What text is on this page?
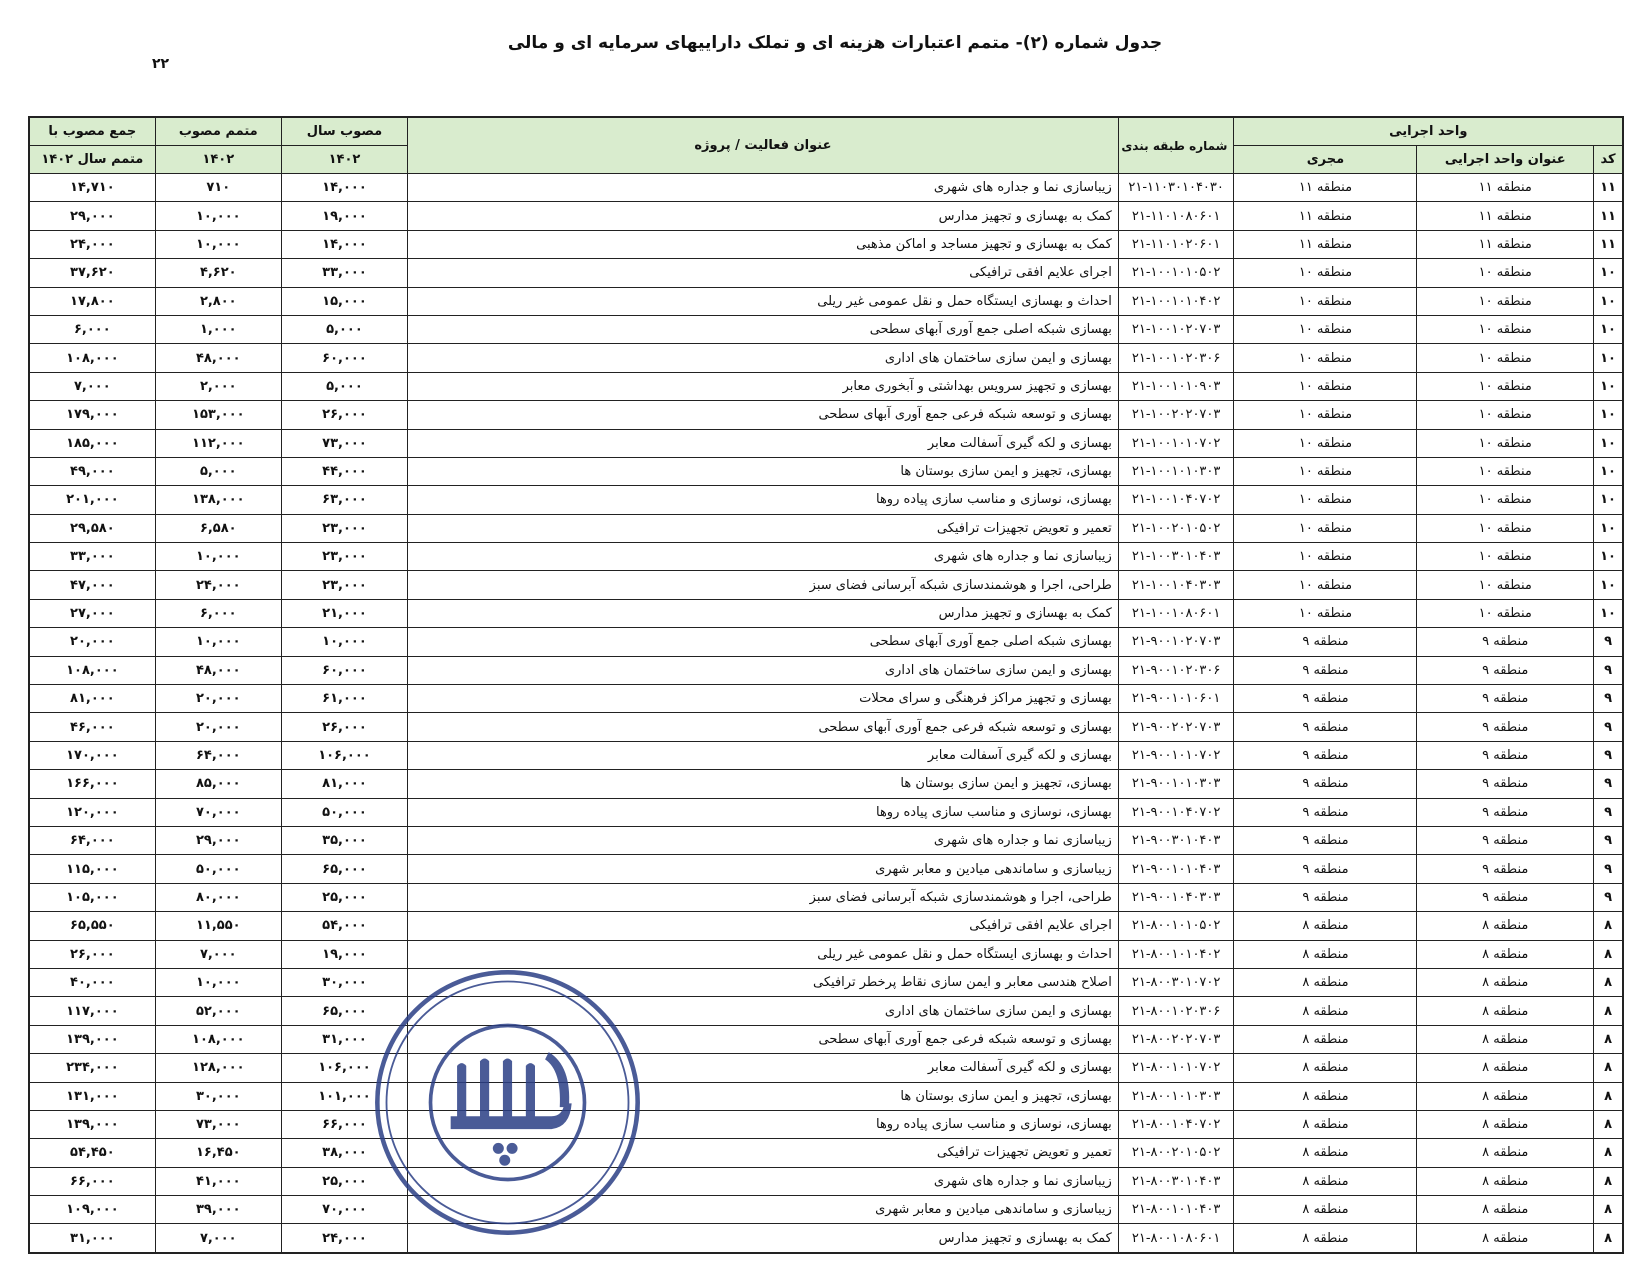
جدول شماره (۲)- متمم اعتبارات هزینه ای و تملک داراییهای سرمایه ای و مالی
۲۲
واحد اجرایی			شماره طبقه بندی	عنوان فعالیت / پروژه	مصوب سال	متمم مصوب	جمع مصوب با
کد	عنوان واحد اجرایی	مجری			۱۴۰۲	۱۴۰۲	متمم سال ۱۴۰۲
۱۱	منطقه ۱۱	منطقه ۱۱	۲۱-۱۱۰۳۰۱۰۴۰۳۰	زیباسازی نما و جداره های شهری	۱۴,۰۰۰	۷۱۰	۱۴,۷۱۰
۱۱	منطقه ۱۱	منطقه ۱۱	۲۱-۱۱۰۱۰۸۰۶۰۱	کمک به بهسازی و تجهیز مدارس	۱۹,۰۰۰	۱۰,۰۰۰	۲۹,۰۰۰
۱۱	منطقه ۱۱	منطقه ۱۱	۲۱-۱۱۰۱۰۲۰۶۰۱	کمک به بهسازی و تجهیز مساجد و اماکن مذهبی	۱۴,۰۰۰	۱۰,۰۰۰	۲۴,۰۰۰
۱۰	منطقه ۱۰	منطقه ۱۰	۲۱-۱۰۰۱۰۱۰۵۰۲	اجرای علایم افقی ترافیکی	۳۳,۰۰۰	۴,۶۲۰	۳۷,۶۲۰
۱۰	منطقه ۱۰	منطقه ۱۰	۲۱-۱۰۰۱۰۱۰۴۰۲	احداث و بهسازی ایستگاه حمل و نقل عمومی غیر ریلی	۱۵,۰۰۰	۲,۸۰۰	۱۷,۸۰۰
۱۰	منطقه ۱۰	منطقه ۱۰	۲۱-۱۰۰۱۰۲۰۷۰۳	بهسازی شبکه اصلی جمع آوری آبهای سطحی	۵,۰۰۰	۱,۰۰۰	۶,۰۰۰
۱۰	منطقه ۱۰	منطقه ۱۰	۲۱-۱۰۰۱۰۲۰۳۰۶	بهسازی و ایمن سازی ساختمان های اداری	۶۰,۰۰۰	۴۸,۰۰۰	۱۰۸,۰۰۰
۱۰	منطقه ۱۰	منطقه ۱۰	۲۱-۱۰۰۱۰۱۰۹۰۳	بهسازی و تجهیز سرویس بهداشتی و آبخوری معابر	۵,۰۰۰	۲,۰۰۰	۷,۰۰۰
۱۰	منطقه ۱۰	منطقه ۱۰	۲۱-۱۰۰۲۰۲۰۷۰۳	بهسازی و توسعه شبکه فرعی جمع آوری آبهای سطحی	۲۶,۰۰۰	۱۵۳,۰۰۰	۱۷۹,۰۰۰
۱۰	منطقه ۱۰	منطقه ۱۰	۲۱-۱۰۰۱۰۱۰۷۰۲	بهسازی و لکه گیری آسفالت معابر	۷۳,۰۰۰	۱۱۲,۰۰۰	۱۸۵,۰۰۰
۱۰	منطقه ۱۰	منطقه ۱۰	۲۱-۱۰۰۱۰۱۰۳۰۳	بهسازی، تجهیز و ایمن سازی بوستان ها	۴۴,۰۰۰	۵,۰۰۰	۴۹,۰۰۰
۱۰	منطقه ۱۰	منطقه ۱۰	۲۱-۱۰۰۱۰۴۰۷۰۲	بهسازی، نوسازی و مناسب سازی پیاده روها	۶۳,۰۰۰	۱۳۸,۰۰۰	۲۰۱,۰۰۰
۱۰	منطقه ۱۰	منطقه ۱۰	۲۱-۱۰۰۲۰۱۰۵۰۲	تعمیر و تعویض تجهیزات ترافیکی	۲۳,۰۰۰	۶,۵۸۰	۲۹,۵۸۰
۱۰	منطقه ۱۰	منطقه ۱۰	۲۱-۱۰۰۳۰۱۰۴۰۳	زیباسازی نما و جداره های شهری	۲۳,۰۰۰	۱۰,۰۰۰	۳۳,۰۰۰
۱۰	منطقه ۱۰	منطقه ۱۰	۲۱-۱۰۰۱۰۴۰۳۰۳	طراحی، اجرا و هوشمندسازی شبکه آبرسانی فضای سبز	۲۳,۰۰۰	۲۴,۰۰۰	۴۷,۰۰۰
۱۰	منطقه ۱۰	منطقه ۱۰	۲۱-۱۰۰۱۰۸۰۶۰۱	کمک به بهسازی و تجهیز مدارس	۲۱,۰۰۰	۶,۰۰۰	۲۷,۰۰۰
۹	منطقه ۹	منطقه ۹	۲۱-۹۰۰۱۰۲۰۷۰۳	بهسازی شبکه اصلی جمع آوری آبهای سطحی	۱۰,۰۰۰	۱۰,۰۰۰	۲۰,۰۰۰
۹	منطقه ۹	منطقه ۹	۲۱-۹۰۰۱۰۲۰۳۰۶	بهسازی و ایمن سازی ساختمان های اداری	۶۰,۰۰۰	۴۸,۰۰۰	۱۰۸,۰۰۰
۹	منطقه ۹	منطقه ۹	۲۱-۹۰۰۱۰۱۰۶۰۱	بهسازی و تجهیز مراکز فرهنگی و سرای محلات	۶۱,۰۰۰	۲۰,۰۰۰	۸۱,۰۰۰
۹	منطقه ۹	منطقه ۹	۲۱-۹۰۰۲۰۲۰۷۰۳	بهسازی و توسعه شبکه فرعی جمع آوری آبهای سطحی	۲۶,۰۰۰	۲۰,۰۰۰	۴۶,۰۰۰
۹	منطقه ۹	منطقه ۹	۲۱-۹۰۰۱۰۱۰۷۰۲	بهسازی و لکه گیری آسفالت معابر	۱۰۶,۰۰۰	۶۴,۰۰۰	۱۷۰,۰۰۰
۹	منطقه ۹	منطقه ۹	۲۱-۹۰۰۱۰۱۰۳۰۳	بهسازی، تجهیز و ایمن سازی بوستان ها	۸۱,۰۰۰	۸۵,۰۰۰	۱۶۶,۰۰۰
۹	منطقه ۹	منطقه ۹	۲۱-۹۰۰۱۰۴۰۷۰۲	بهسازی، نوسازی و مناسب سازی پیاده روها	۵۰,۰۰۰	۷۰,۰۰۰	۱۲۰,۰۰۰
۹	منطقه ۹	منطقه ۹	۲۱-۹۰۰۳۰۱۰۴۰۳	زیباسازی نما و جداره های شهری	۳۵,۰۰۰	۲۹,۰۰۰	۶۴,۰۰۰
۹	منطقه ۹	منطقه ۹	۲۱-۹۰۰۱۰۱۰۴۰۳	زیباسازی و ساماندهی میادین و معابر شهری	۶۵,۰۰۰	۵۰,۰۰۰	۱۱۵,۰۰۰
۹	منطقه ۹	منطقه ۹	۲۱-۹۰۰۱۰۴۰۳۰۳	طراحی، اجرا و هوشمندسازی شبکه آبرسانی فضای سبز	۲۵,۰۰۰	۸۰,۰۰۰	۱۰۵,۰۰۰
۸	منطقه ۸	منطقه ۸	۲۱-۸۰۰۱۰۱۰۵۰۲	اجرای علایم افقی ترافیکی	۵۴,۰۰۰	۱۱,۵۵۰	۶۵,۵۵۰
۸	منطقه ۸	منطقه ۸	۲۱-۸۰۰۱۰۱۰۴۰۲	احداث و بهسازی ایستگاه حمل و نقل عمومی غیر ریلی	۱۹,۰۰۰	۷,۰۰۰	۲۶,۰۰۰
۸	منطقه ۸	منطقه ۸	۲۱-۸۰۰۳۰۱۰۷۰۲	اصلاح هندسی معابر و ایمن سازی نقاط پرخطر ترافیکی	۳۰,۰۰۰	۱۰,۰۰۰	۴۰,۰۰۰
۸	منطقه ۸	منطقه ۸	۲۱-۸۰۰۱۰۲۰۳۰۶	بهسازی و ایمن سازی ساختمان های اداری	۶۵,۰۰۰	۵۲,۰۰۰	۱۱۷,۰۰۰
۸	منطقه ۸	منطقه ۸	۲۱-۸۰۰۲۰۲۰۷۰۳	بهسازی و توسعه شبکه فرعی جمع آوری آبهای سطحی	۳۱,۰۰۰	۱۰۸,۰۰۰	۱۳۹,۰۰۰
۸	منطقه ۸	منطقه ۸	۲۱-۸۰۰۱۰۱۰۷۰۲	بهسازی و لکه گیری آسفالت معابر	۱۰۶,۰۰۰	۱۲۸,۰۰۰	۲۳۴,۰۰۰
۸	منطقه ۸	منطقه ۸	۲۱-۸۰۰۱۰۱۰۳۰۳	بهسازی، تجهیز و ایمن سازی بوستان ها	۱۰۱,۰۰۰	۳۰,۰۰۰	۱۳۱,۰۰۰
۸	منطقه ۸	منطقه ۸	۲۱-۸۰۰۱۰۴۰۷۰۲	بهسازی، نوسازی و مناسب سازی پیاده روها	۶۶,۰۰۰	۷۳,۰۰۰	۱۳۹,۰۰۰
۸	منطقه ۸	منطقه ۸	۲۱-۸۰۰۲۰۱۰۵۰۲	تعمیر و تعویض تجهیزات ترافیکی	۳۸,۰۰۰	۱۶,۴۵۰	۵۴,۴۵۰
۸	منطقه ۸	منطقه ۸	۲۱-۸۰۰۳۰۱۰۴۰۳	زیباسازی نما و جداره های شهری	۲۵,۰۰۰	۴۱,۰۰۰	۶۶,۰۰۰
۸	منطقه ۸	منطقه ۸	۲۱-۸۰۰۱۰۱۰۴۰۳	زیباسازی و ساماندهی میادین و معابر شهری	۷۰,۰۰۰	۳۹,۰۰۰	۱۰۹,۰۰۰
۸	منطقه ۸	منطقه ۸	۲۱-۸۰۰۱۰۸۰۶۰۱	کمک به بهسازی و تجهیز مدارس	۲۴,۰۰۰	۷,۰۰۰	۳۱,۰۰۰
